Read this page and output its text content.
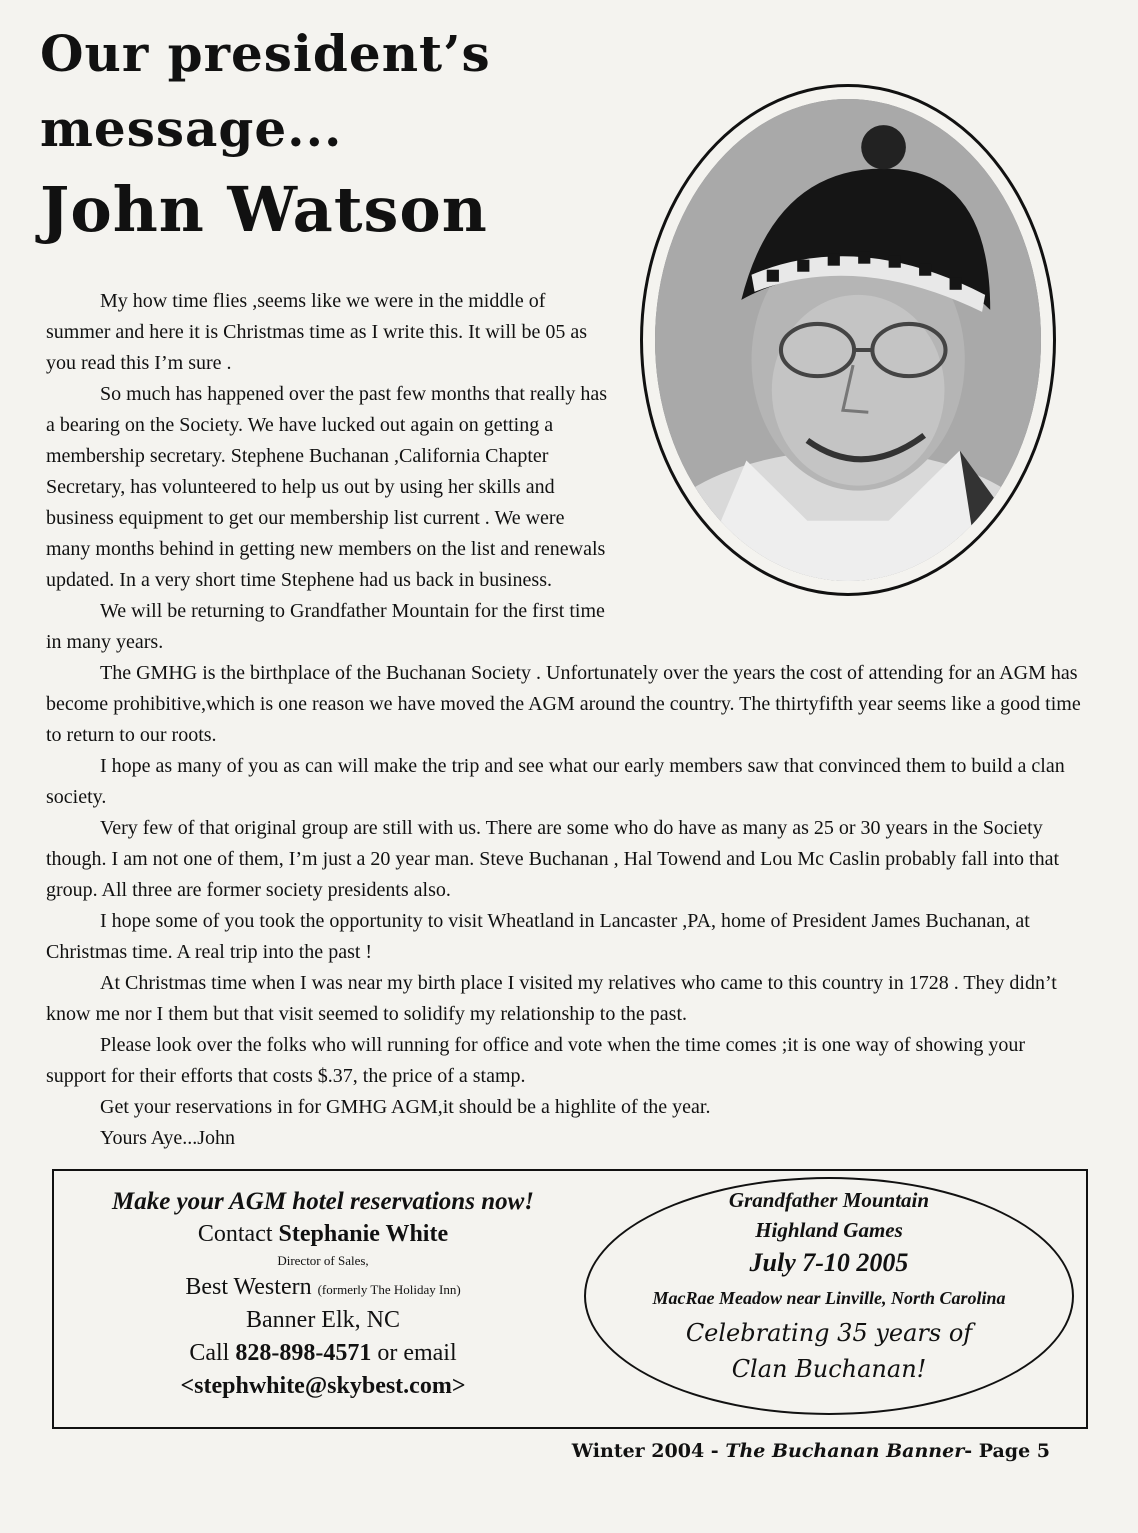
Our president’s
message...
John Watson

My how time flies ,seems like we were in the middle of summer and here it is Christmas time as I write this. It will be 05 as you read this I’m sure .

So much has happened over the past few months that really has a bearing on the Society. We have lucked out again on getting a membership secretary. Stephene Buchanan ,California Chapter Secretary, has volunteered to help us out by using her skills and business equipment to get our membership list current . We were many months behind in getting new members on the list and renewals updated. In a very short time Stephene had us back in business.

We will be returning to Grandfather Mountain for the first time in many years.

The GMHG is the birthplace of the Buchanan Society . Unfortunately over the years the cost of attending for an AGM has become prohibitive,which is one reason we have moved the AGM around the country. The thirtyfifth year seems like a good time to return to our roots.

I hope as many of you as can will make the trip and see what our early members saw that convinced them to build a clan society.

Very few of that original group are still with us. There are some who do have as many as 25 or 30 years in the Society though. I am not one of them, I’m just a 20 year man. Steve Buchanan , Hal Towend and Lou Mc Caslin probably fall into that group. All three are former society presidents also.

I hope some of you took the opportunity to visit Wheatland in Lancaster ,PA, home of President James Buchanan, at Christmas time. A real trip into the past !

At Christmas time when I was near my birth place I visited my relatives who came to this country in 1728 . They didn’t know me nor I them but that visit seemed to solidify my relationship to the past.

Please look over the folks who will running for office and vote when the time comes ;it is one way of showing your support for their efforts that costs $.37, the price of a stamp.

Get your reservations in for GMHG AGM,it should be a highlite of the year.

Yours Aye...John

Make your AGM hotel reservations now!
Contact Stephanie White
Director of Sales,
Best Western (formerly The Holiday Inn)
Banner Elk, NC
Call 828-898-4571 or email
<stephwhite@skybest.com>
Grandfather Mountain
Highland Games
July 7-10 2005
MacRae Meadow near Linville, North Carolina
Celebrating 35 years of
Clan Buchanan!
Winter 2004 - The Buchanan Banner- Page 5
